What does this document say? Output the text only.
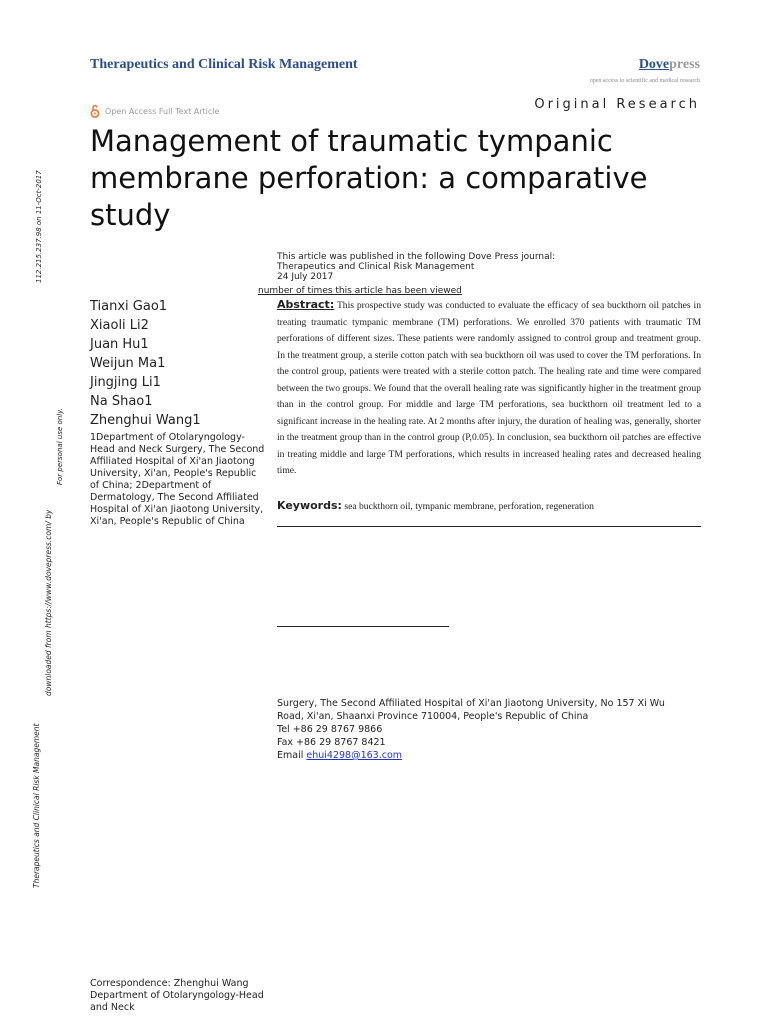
Therapeutics and Clinical Risk Management	Dovepress
open access to scientific and medical research
Open Access Full Text Article	Original Research
Management of traumatic tympanic membrane perforation: a comparative study
This article was published in the following Dove Press journal:
Therapeutics and Clinical Risk Management
24 July 2017
number of times this article has been viewed
Tianxi Gao1
Xiaoli Li2
Juan Hu1
Weijun Ma1
Jingjing Li1
Na Shao1
Zhenghui Wang1
1Department of Otolaryngology-Head and Neck Surgery, The Second Affiliated Hospital of Xi'an Jiaotong University, Xi'an, People's Republic of China; 2Department of Dermatology, The Second Affiliated Hospital of Xi'an Jiaotong University, Xi'an, People's Republic of China
Abstract: This prospective study was conducted to evaluate the efficacy of sea buckthorn oil patches in treating traumatic tympanic membrane (TM) perforations. We enrolled 370 patients with traumatic TM perforations of different sizes. These patients were randomly assigned to control group and treatment group. In the treatment group, a sterile cotton patch with sea buckthorn oil was used to cover the TM perforations. In the control group, patients were treated with a sterile cotton patch. The healing rate and time were compared between the two groups. We found that the overall healing rate was significantly higher in the treatment group than in the control group. For middle and large TM perforations, sea buckthorn oil treatment led to a significant increase in the healing rate. At 2 months after injury, the duration of healing was, generally, shorter in the treatment group than in the control group (P,0.05). In conclusion, sea buckthorn oil patches are effective in treating middle and large TM perforations, which results in increased healing rates and decreased healing time.
Keywords: sea buckthorn oil, tympanic membrane, perforation, regeneration
Surgery, The Second Affiliated Hospital of Xi'an Jiaotong University, No 157 Xi Wu
Road, Xi'an, Shaanxi Province 710004, People's Republic of China
Tel +86 29 8767 9866
Fax +86 29 8767 8421
Email ehui4298@163.com
Correspondence: Zhenghui Wang Department of Otolaryngology-Head and Neck
112.215.237.98 on 11-Oct-2017
For personal use only.
downloaded from https://www.dovepress.com/ by
Therapeutics and Clinical Risk Management
